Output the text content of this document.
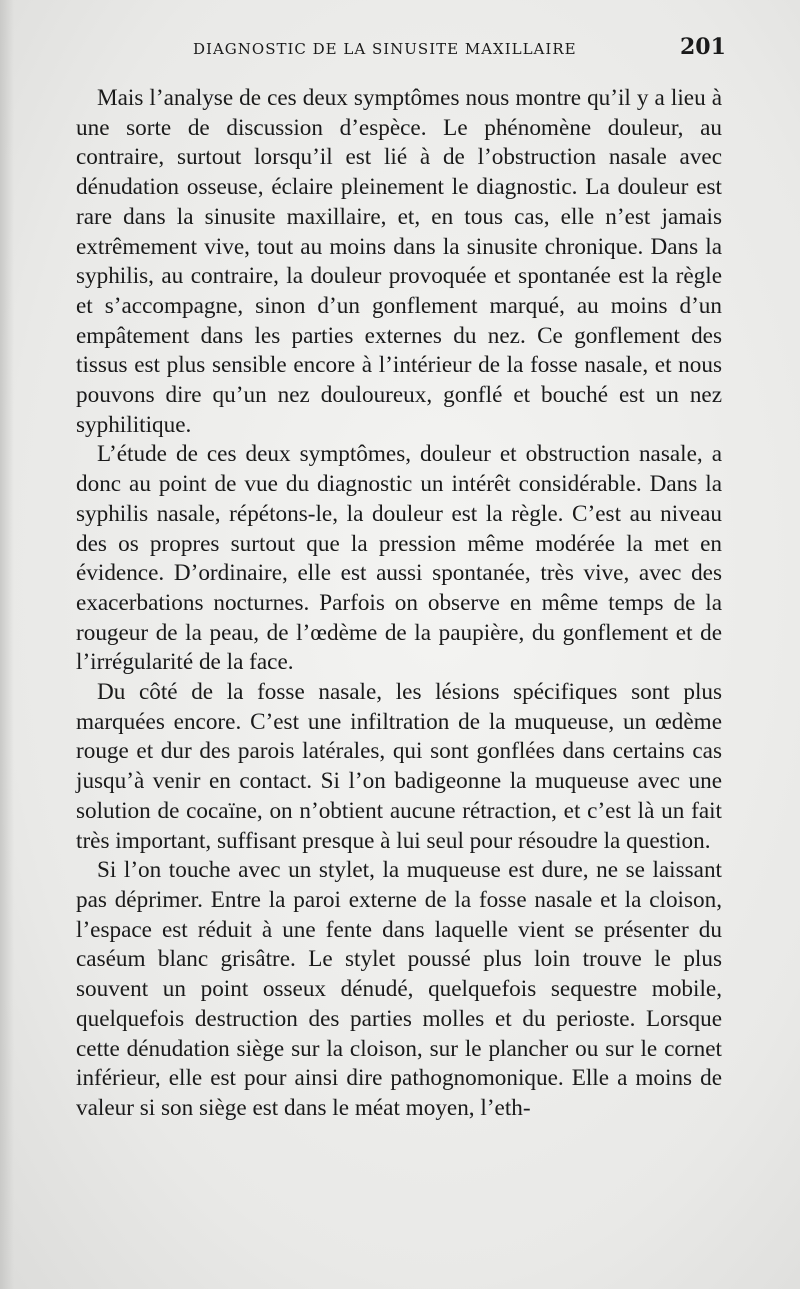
DIAGNOSTIC DE LA SINUSITE MAXILLAIRE	201

Mais l’analyse de ces deux symptômes nous montre qu’il y a lieu à une sorte de discussion d’espèce. Le phénomène douleur, au contraire, surtout lorsqu’il est lié à de l’obstruction nasale avec dénudation osseuse, éclaire pleinement le diagnostic. La douleur est rare dans la sinusite maxillaire, et, en tous cas, elle n’est jamais extrêmement vive, tout au moins dans la sinusite chronique. Dans la syphilis, au contraire, la douleur provoquée et spontanée est la règle et s’accompagne, sinon d’un gonflement marqué, au moins d’un empâtement dans les parties externes du nez. Ce gonflement des tissus est plus sensible encore à l’intérieur de la fosse nasale, et nous pouvons dire qu’un nez douloureux, gonflé et bouché est un nez syphilitique.

L’étude de ces deux symptômes, douleur et obstruction nasale, a donc au point de vue du diagnostic un intérêt considérable. Dans la syphilis nasale, répétons-le, la douleur est la règle. C’est au niveau des os propres surtout que la pression même modérée la met en évidence. D’ordinaire, elle est aussi spontanée, très vive, avec des exacerbations nocturnes. Parfois on observe en même temps de la rougeur de la peau, de l’œdème de la paupière, du gonflement et de l’irrégularité de la face.

Du côté de la fosse nasale, les lésions spécifiques sont plus marquées encore. C’est une infiltration de la muqueuse, un œdème rouge et dur des parois latérales, qui sont gonflées dans certains cas jusqu’à venir en contact. Si l’on badigeonne la muqueuse avec une solution de cocaïne, on n’obtient aucune rétraction, et c’est là un fait très important, suffisant presque à lui seul pour résoudre la question.

Si l’on touche avec un stylet, la muqueuse est dure, ne se laissant pas déprimer. Entre la paroi externe de la fosse nasale et la cloison, l’espace est réduit à une fente dans laquelle vient se présenter du caséum blanc grisâtre. Le stylet poussé plus loin trouve le plus souvent un point osseux dénudé, quelquefois sequestre mobile, quelquefois destruction des parties molles et du perioste. Lorsque cette dénudation siège sur la cloison, sur le plancher ou sur le cornet inférieur, elle est pour ainsi dire pathognomonique. Elle a moins de valeur si son siège est dans le méat moyen, l’eth-
